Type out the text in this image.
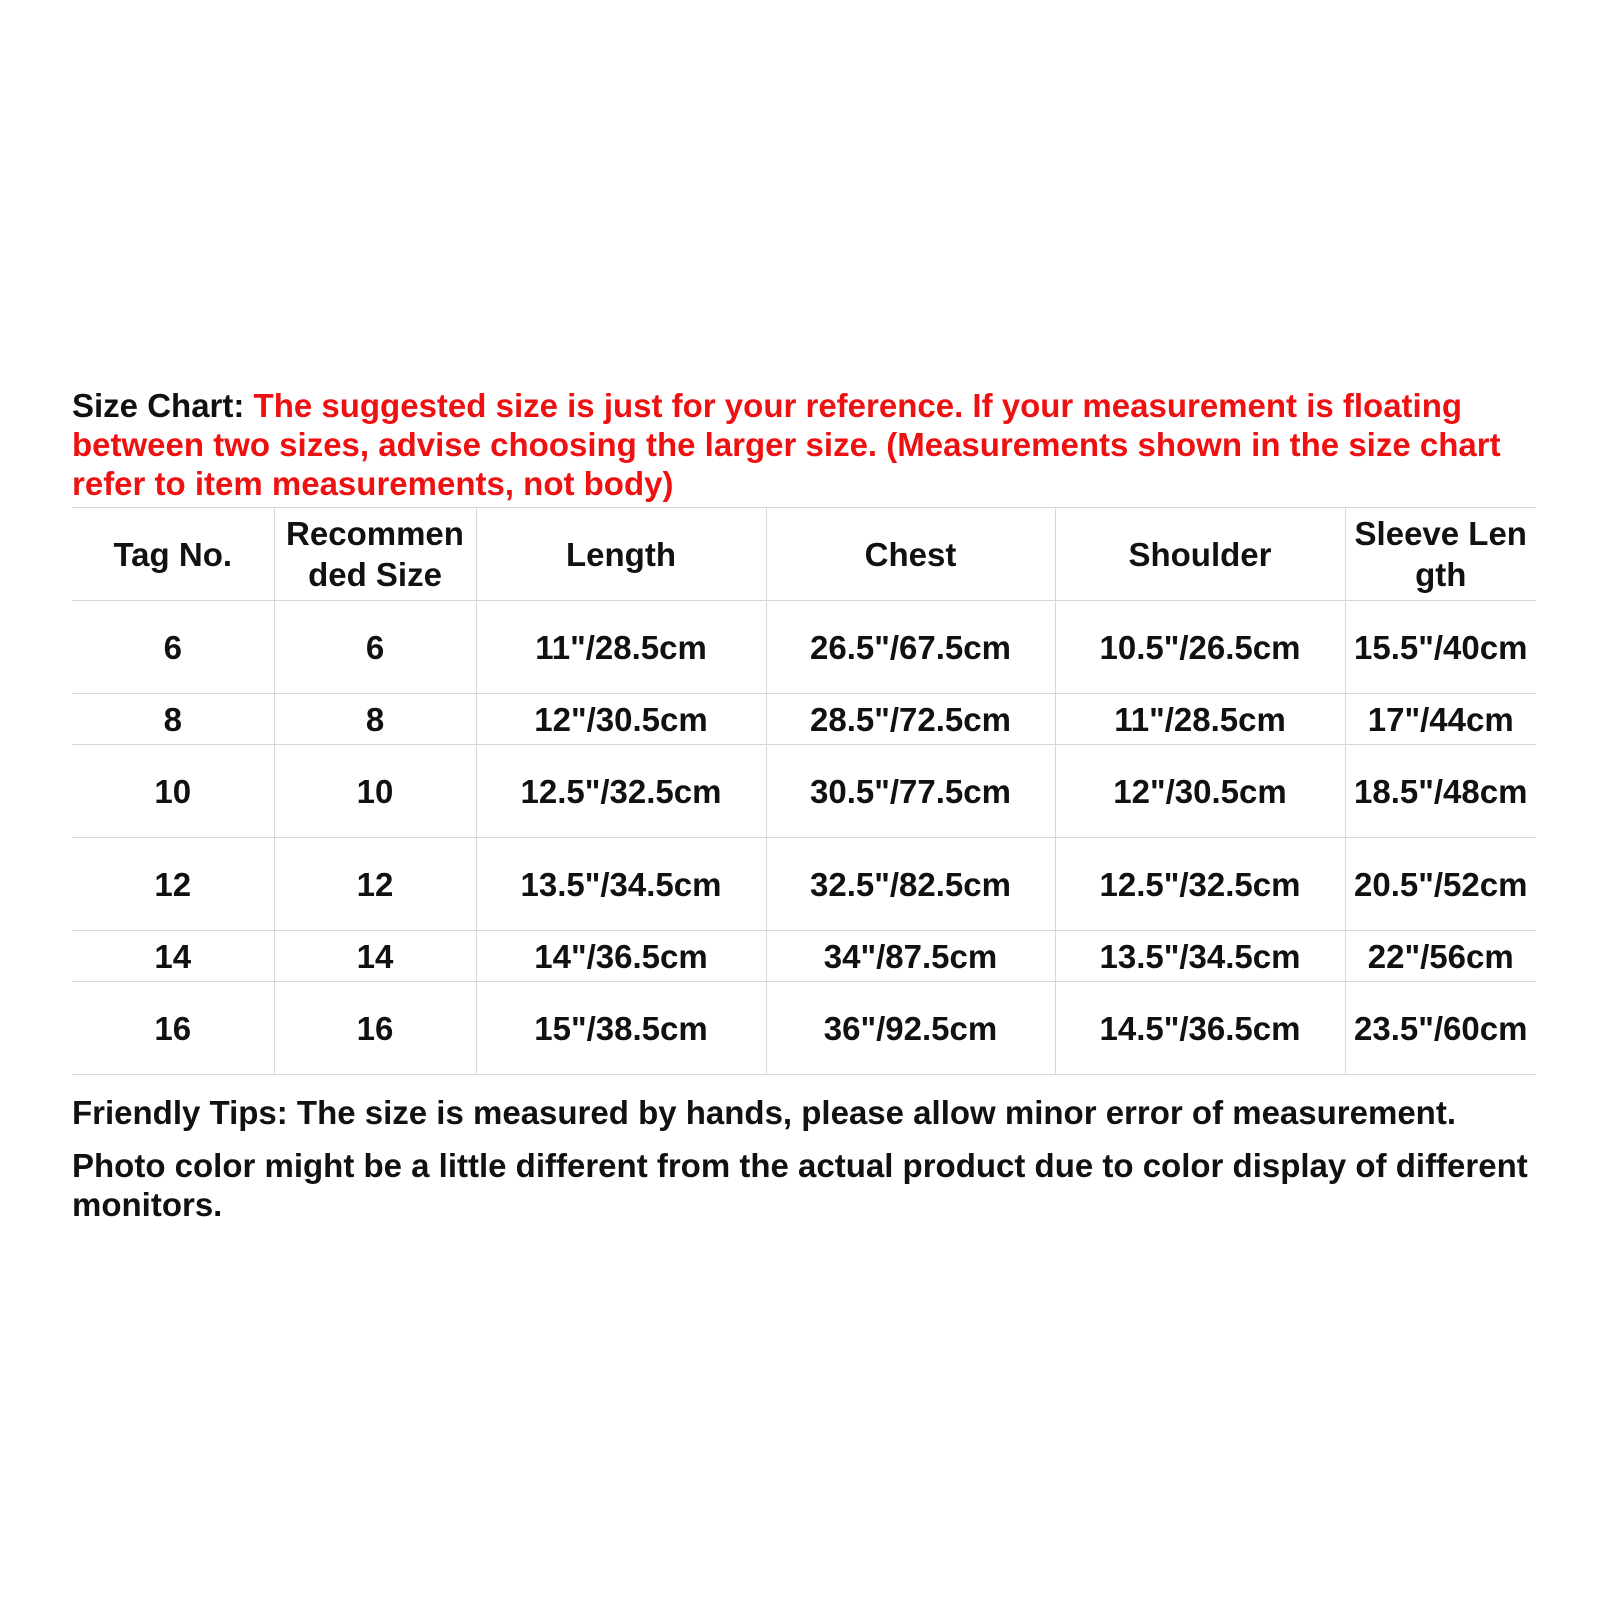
Size Chart: The suggested size is just for your reference. If your measurement is floating between two sizes, advise choosing the larger size. (Measurements shown in the size chart refer to item measurements, not body)

Tag No.	Recommended Size	Length	Chest	Shoulder	Sleeve Length
6	6	11"/28.5cm	26.5"/67.5cm	10.5"/26.5cm	15.5"/40cm
8	8	12"/30.5cm	28.5"/72.5cm	11"/28.5cm	17"/44cm
10	10	12.5"/32.5cm	30.5"/77.5cm	12"/30.5cm	18.5"/48cm
12	12	13.5"/34.5cm	32.5"/82.5cm	12.5"/32.5cm	20.5"/52cm
14	14	14"/36.5cm	34"/87.5cm	13.5"/34.5cm	22"/56cm
16	16	15"/38.5cm	36"/92.5cm	14.5"/36.5cm	23.5"/60cm

Friendly Tips: The size is measured by hands, please allow minor error of measurement.

Photo color might be a little different from the actual product due to color display of different monitors.
